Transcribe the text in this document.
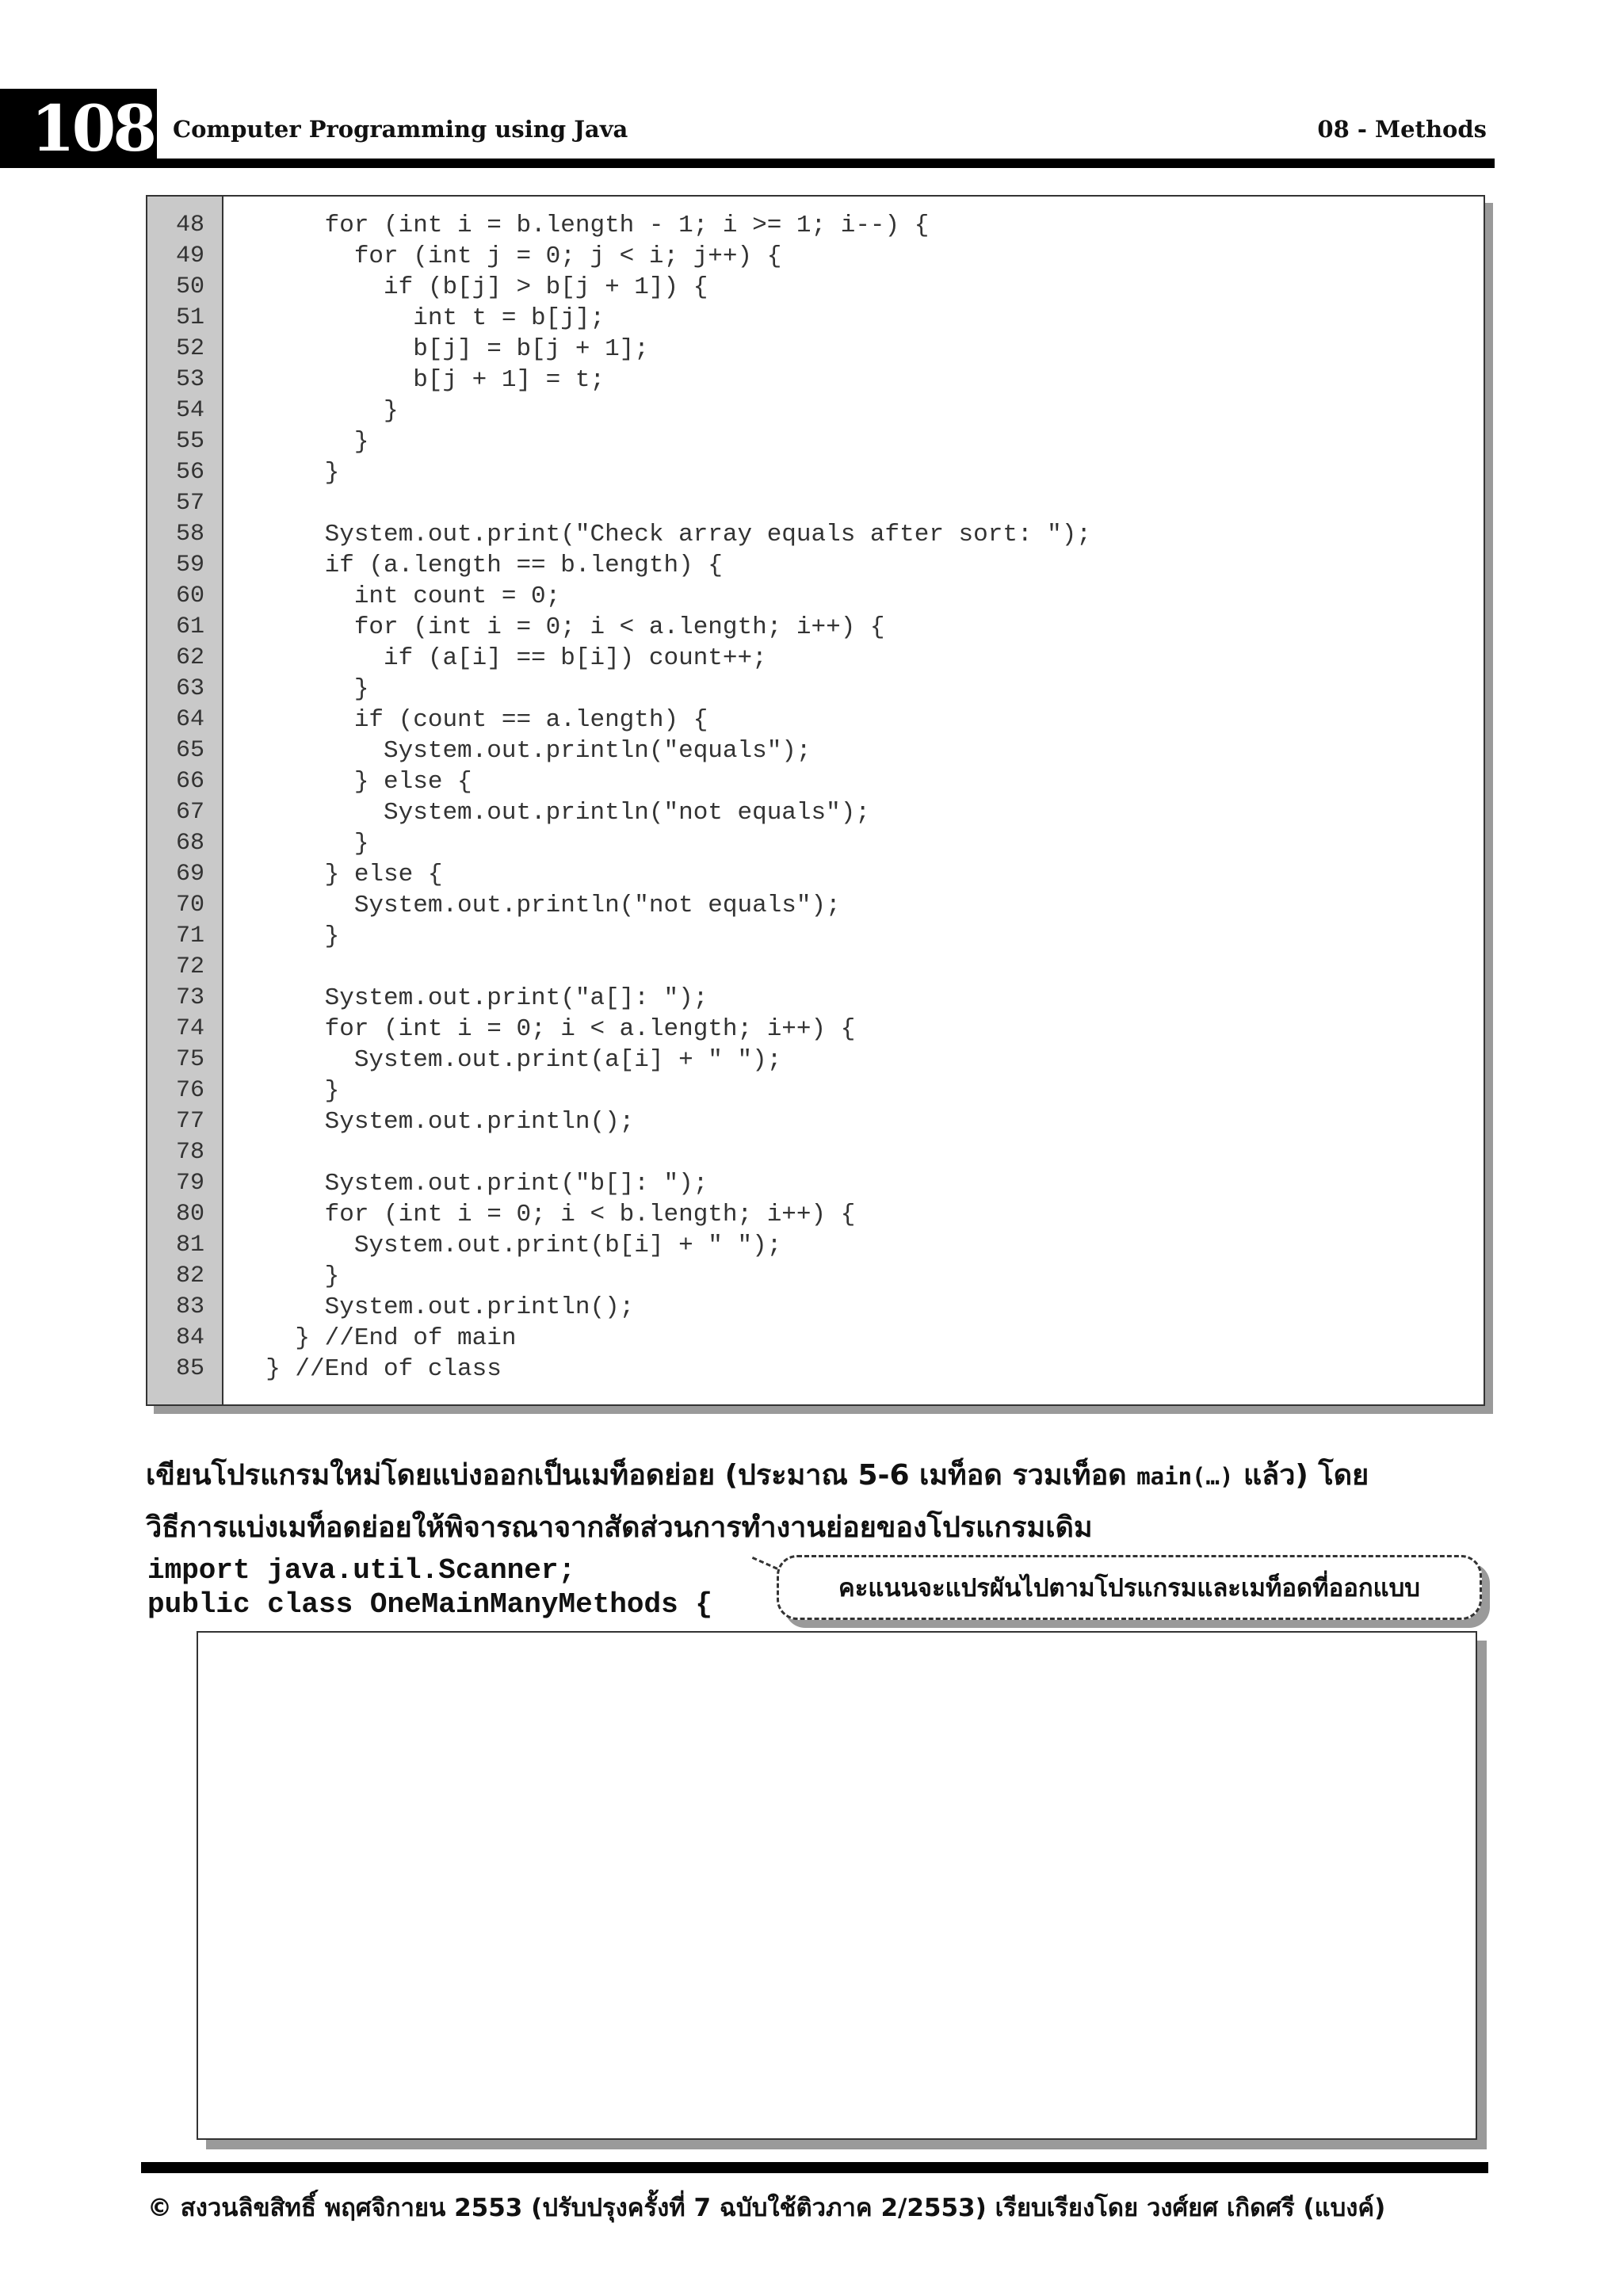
108 Computer Programming using Java	08 - Methods
48
49
50
51
52
53
54
55
56
57
58
59
60
61
62
63
64
65
66
67
68
69
70
71
72
73
74
75
76
77
78
79
80
81
82
83
84
85
for (int i = b.length - 1; i >= 1; i--) {
for (int j = 0; j < i; j++) {
if (b[j] > b[j + 1]) {
int t = b[j];
b[j] = b[j + 1];
b[j + 1] = t;
}
}
}
System.out.print("Check array equals after sort: ");
if (a.length == b.length) {
int count = 0;
for (int i = 0; i < a.length; i++) {
if (a[i] == b[i]) count++;
}
if (count == a.length) {
System.out.println("equals");
} else {
System.out.println("not equals");
}
} else {
System.out.println("not equals");
}
System.out.print("a[]: ");
for (int i = 0; i < a.length; i++) {
System.out.print(a[i] + " ");
}
System.out.println();
System.out.print("b[]: ");
for (int i = 0; i < b.length; i++) {
System.out.print(b[i] + " ");
}
System.out.println();
} //End of main
} //End of class
เขียนโปรแกรมใหม่โดยแบ่งออกเป็นเมท็อดย่อย (ประมาณ 5-6 เมท็อด รวมเท็อด main(…) แล้ว) โดย
วิธีการแบ่งเมท็อดย่อยให้พิจารณาจากสัดส่วนการทำงานย่อยของโปรแกรมเดิม
import java.util.Scanner;
public class OneMainManyMethods {	คะแนนจะแปรผันไปตามโปรแกรมและเมท็อดที่ออกแบบ
© สงวนลิขสิทธิ์ พฤศจิกายน 2553 (ปรับปรุงครั้งที่ 7 ฉบับใช้ติวภาค 2/2553) เรียบเรียงโดย วงศ์ยศ เกิดศรี (แบงค์)
